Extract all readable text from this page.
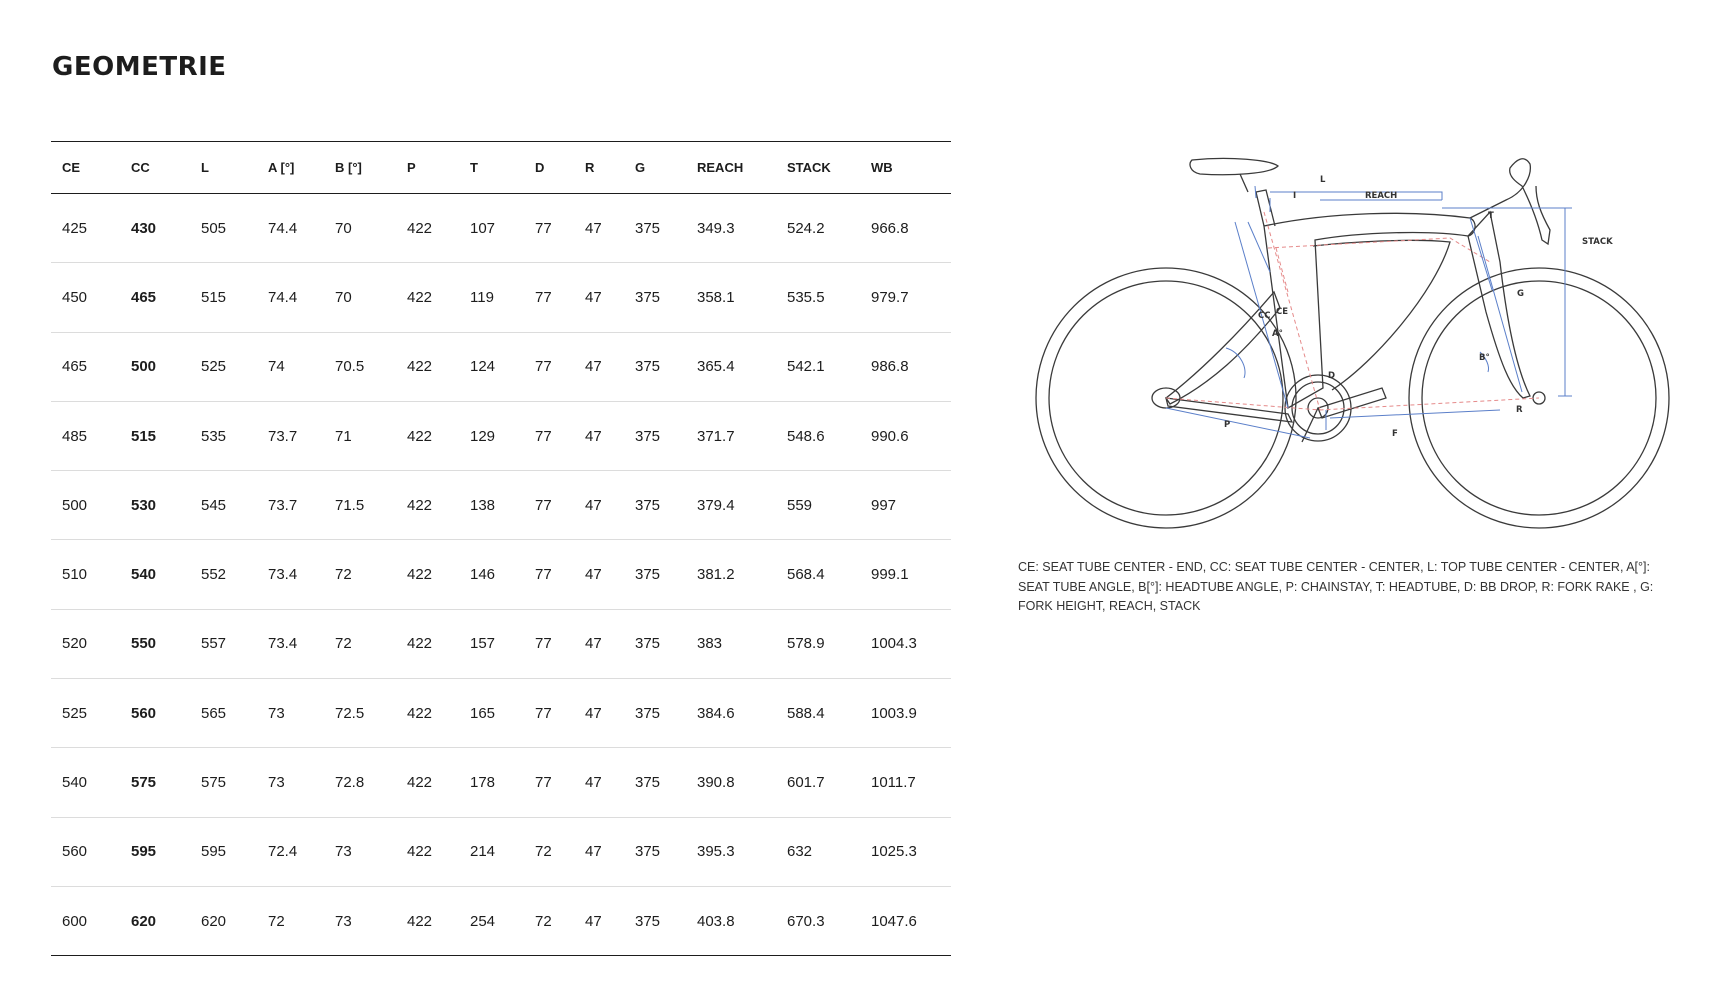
GEOMETRIE
CE	CC	L	A [°]	B [°]	P	T	D	R	G	REACH	STACK	WB
425	430	505	74.4	70	422	107	77	47	375	349.3	524.2	966.8
450	465	515	74.4	70	422	119	77	47	375	358.1	535.5	979.7
465	500	525	74	70.5	422	124	77	47	375	365.4	542.1	986.8
485	515	535	73.7	71	422	129	77	47	375	371.7	548.6	990.6
500	530	545	73.7	71.5	422	138	77	47	375	379.4	559	997
510	540	552	73.4	72	422	146	77	47	375	381.2	568.4	999.1
520	550	557	73.4	72	422	157	77	47	375	383	578.9	1004.3
525	560	565	73	72.5	422	165	77	47	375	384.6	588.4	1003.9
540	575	575	73	72.8	422	178	77	47	375	390.8	601.7	1011.7
560	595	595	72.4	73	422	214	72	47	375	395.3	632	1025.3
600	620	620	72	73	422	254	72	47	375	403.8	670.3	1047.6
L
I	REACH
STACK
T
G
CC CE
A°
B°
D
P
F
R

CE: SEAT TUBE CENTER - END, CC: SEAT TUBE CENTER - CENTER, L: TOP TUBE CENTER - CENTER, A[°]: SEAT TUBE ANGLE, B[°]: HEADTUBE ANGLE, P: CHAINSTAY, T: HEADTUBE, D: BB DROP, R: FORK RAKE , G: FORK HEIGHT, REACH, STACK
